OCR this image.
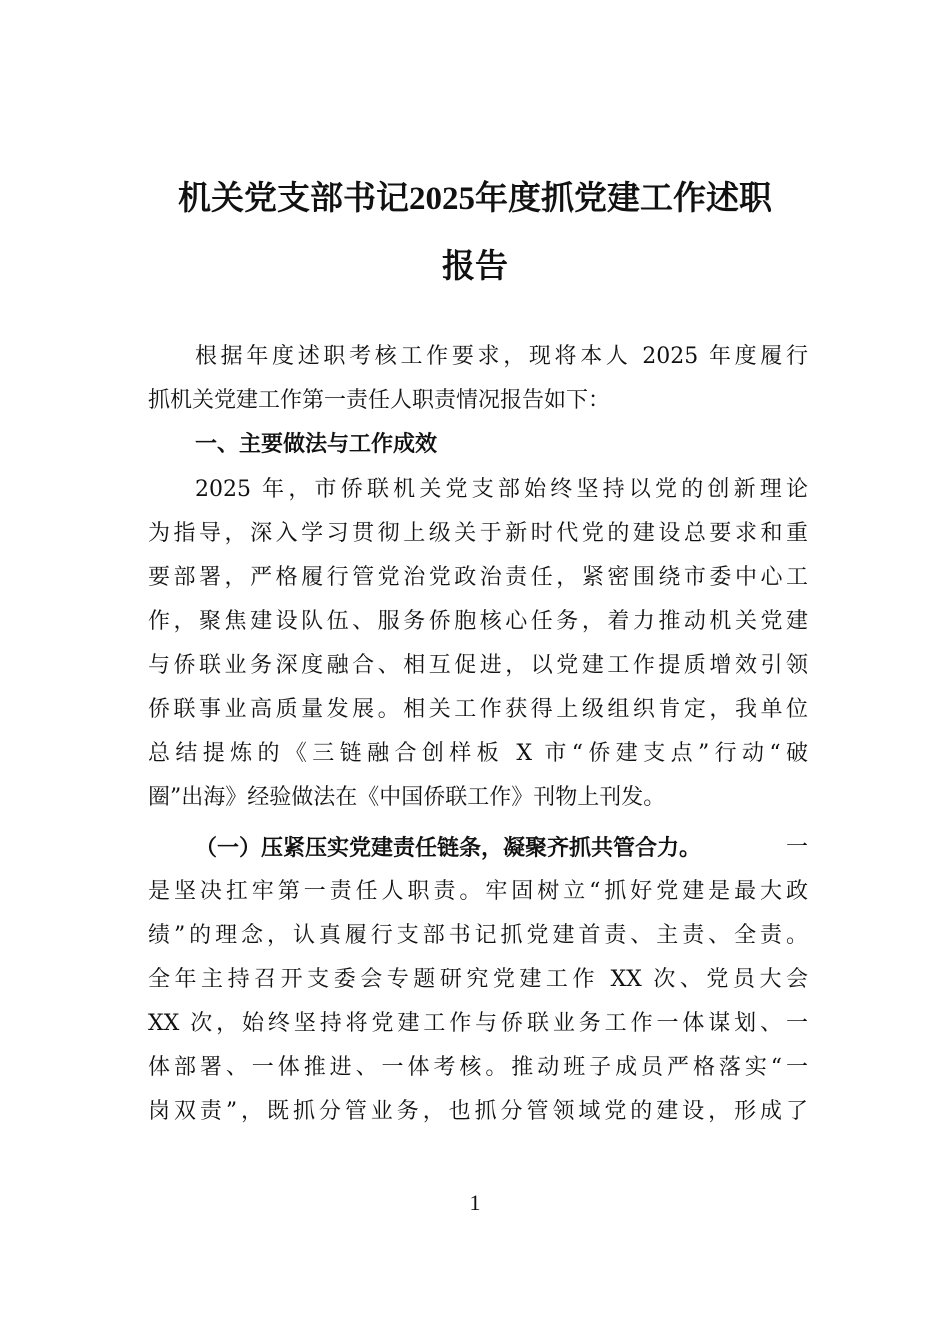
机关党支部书记2025年度抓党建工作述职
报告
根据年度述职考核工作要求，现将本人 2025 年度履行
抓机关党建工作第一责任人职责情况报告如下：
一、主要做法与工作成效
2025 年，市侨联机关党支部始终坚持以党的创新理论
为指导，深入学习贯彻上级关于新时代党的建设总要求和重
要部署，严格履行管党治党政治责任，紧密围绕市委中心工
作，聚焦建设队伍、服务侨胞核心任务，着力推动机关党建
与侨联业务深度融合、相互促进，以党建工作提质增效引领
侨联事业高质量发展。相关工作获得上级组织肯定，我单位
总结提炼的《三链融合创样板 X 市“侨建支点”行动“破
圈”出海》经验做法在《中国侨联工作》刊物上刊发。
（一）压紧压实党建责任链条，凝聚齐抓共管合力。	一
是坚决扛牢第一责任人职责。牢固树立“抓好党建是最大政
绩”的理念，认真履行支部书记抓党建首责、主责、全责。
全年主持召开支委会专题研究党建工作 XX 次、党员大会
XX 次，始终坚持将党建工作与侨联业务工作一体谋划、一
体部署、一体推进、一体考核。推动班子成员严格落实“一
岗双责”，既抓分管业务，也抓分管领域党的建设，形成了
1
